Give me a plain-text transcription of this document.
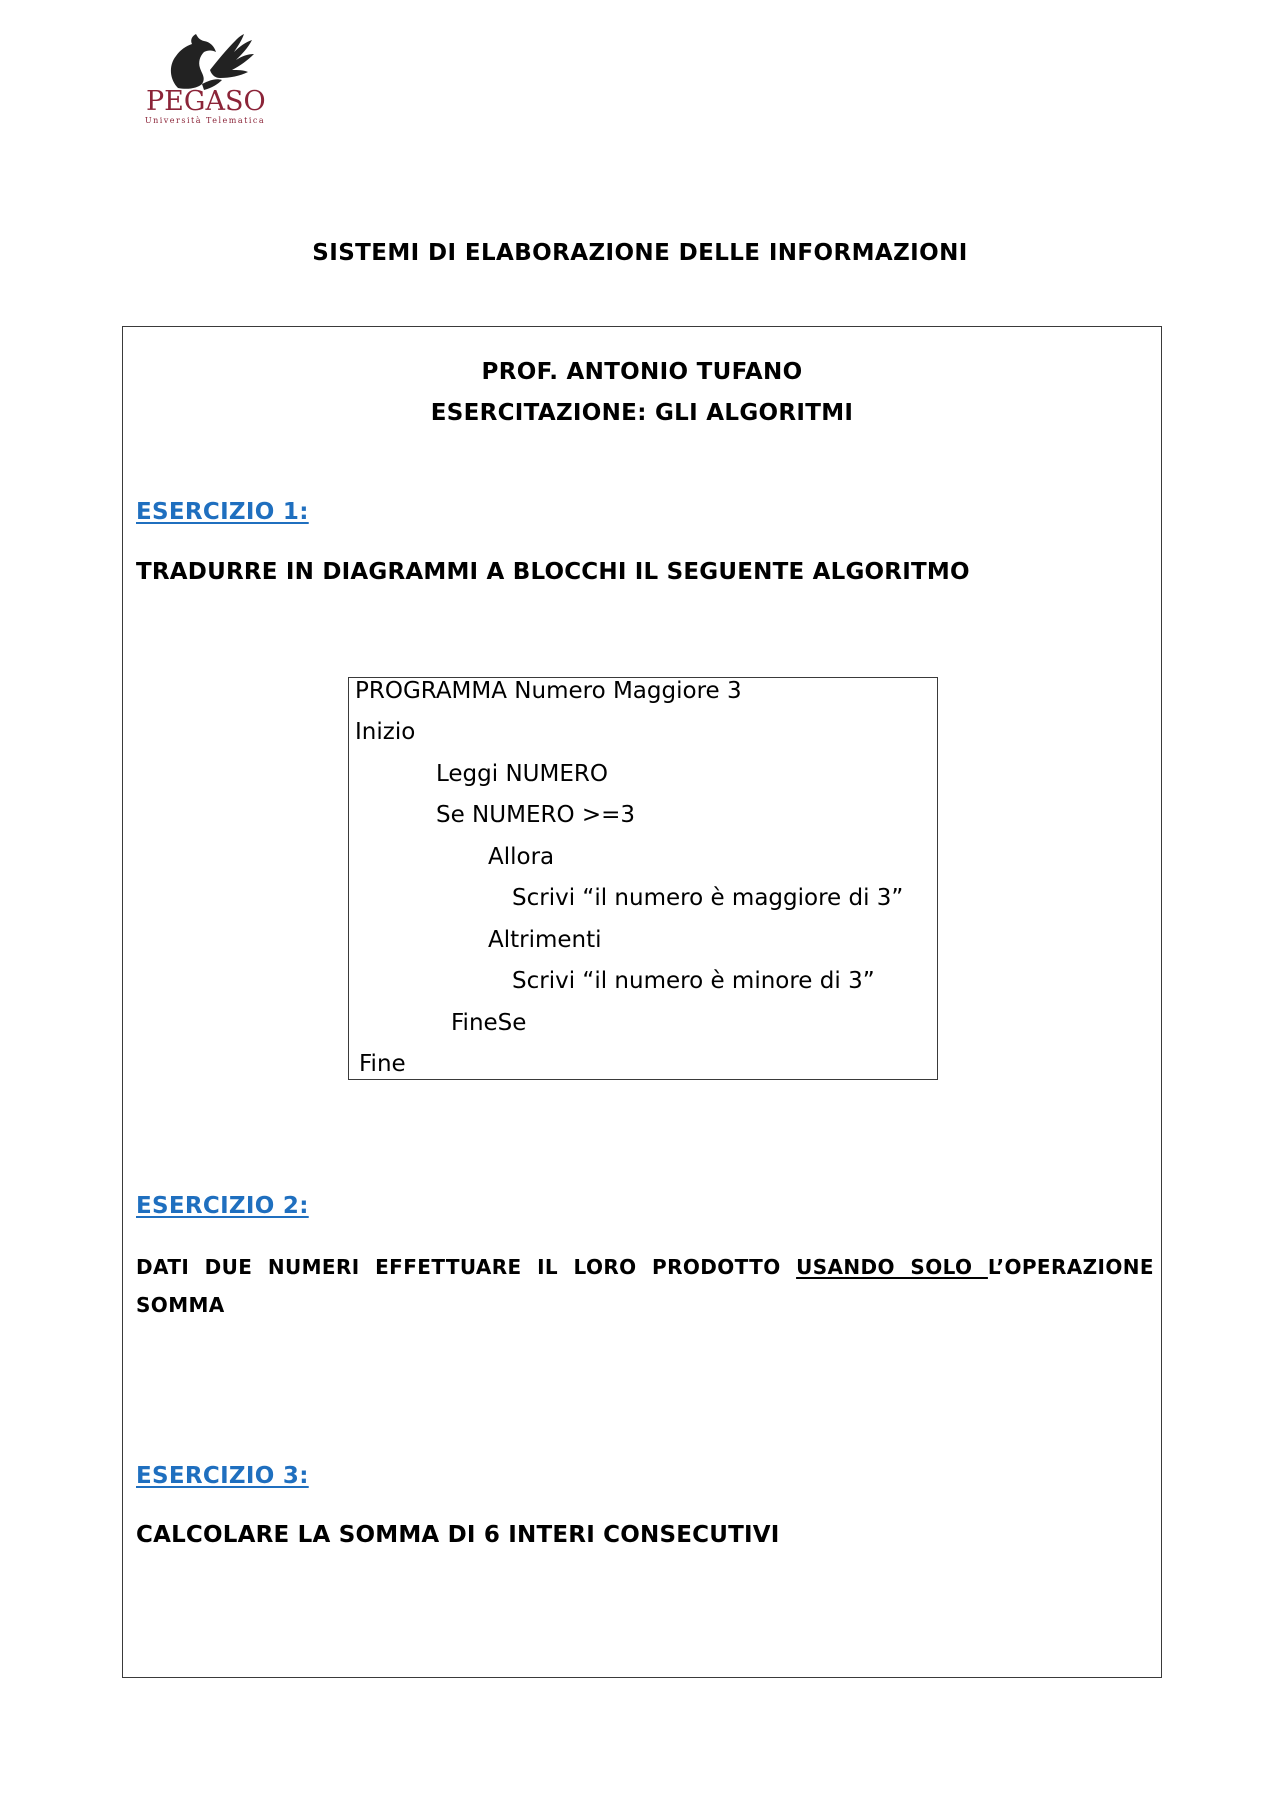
PEGASO
Università Telematica
SISTEMI DI ELABORAZIONE DELLE INFORMAZIONI
PROF. ANTONIO TUFANO
ESERCITAZIONE: GLI ALGORITMI
ESERCIZIO 1:
TRADURRE IN DIAGRAMMI A BLOCCHI IL SEGUENTE ALGORITMO
PROGRAMMA Numero Maggiore 3
Inizio
Leggi NUMERO
Se NUMERO >=3
Allora
Scrivi “il numero è maggiore di 3”
Altrimenti
Scrivi “il numero è minore di 3”
FineSe
Fine
ESERCIZIO 2:
DATI DUE NUMERI EFFETTUARE IL LORO PRODOTTO USANDO SOLO L’OPERAZIONE SOMMA
ESERCIZIO 3:
CALCOLARE LA SOMMA DI 6 INTERI CONSECUTIVI
